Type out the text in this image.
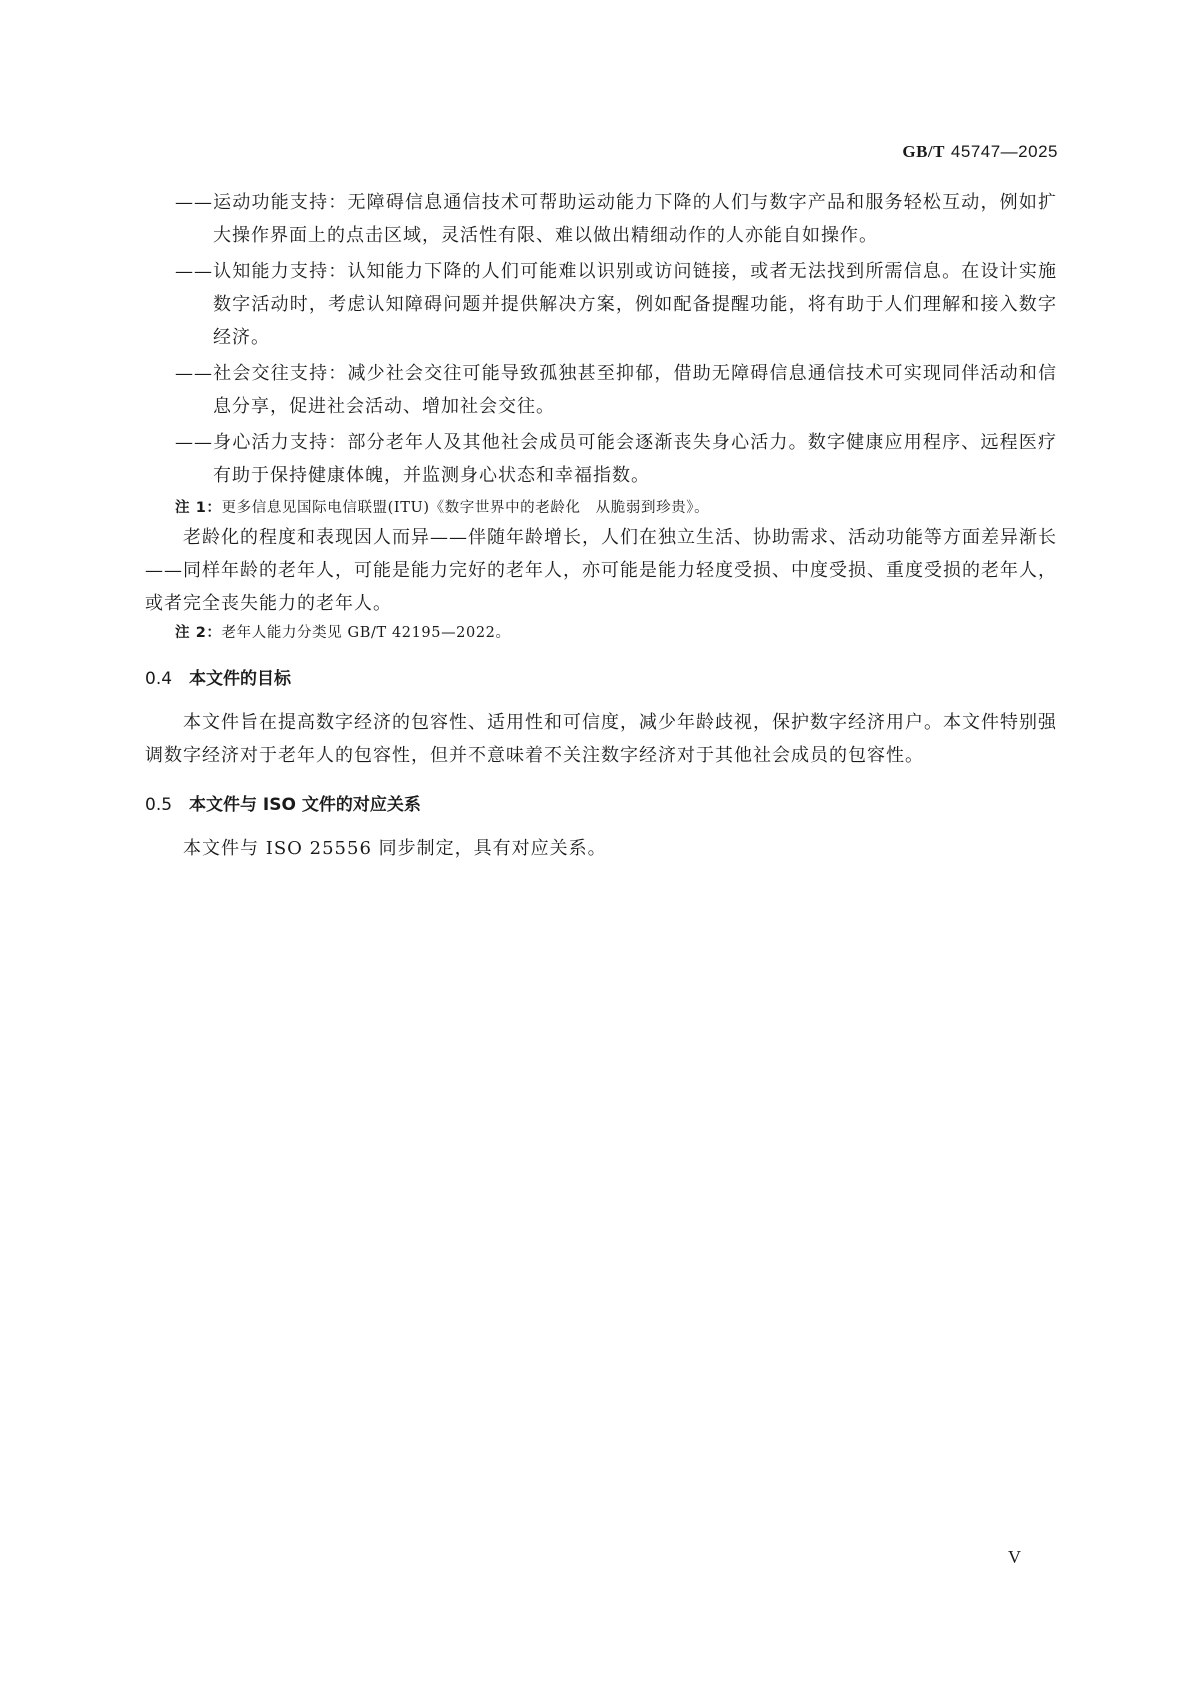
GB/T 45747—2025

——运动功能支持：无障碍信息通信技术可帮助运动能力下降的人们与数字产品和服务轻松互动，例如扩大操作界面上的点击区域，灵活性有限、难以做出精细动作的人亦能自如操作。

——认知能力支持：认知能力下降的人们可能难以识别或访问链接，或者无法找到所需信息。在设计实施数字活动时，考虑认知障碍问题并提供解决方案，例如配备提醒功能，将有助于人们理解和接入数字经济。

——社会交往支持：减少社会交往可能导致孤独甚至抑郁，借助无障碍信息通信技术可实现同伴活动和信息分享，促进社会活动、增加社会交往。

——身心活力支持：部分老年人及其他社会成员可能会逐渐丧失身心活力。数字健康应用程序、远程医疗有助于保持健康体魄，并监测身心状态和幸福指数。

注 1：更多信息见国际电信联盟(ITU)《数字世界中的老龄化　从脆弱到珍贵》。

老龄化的程度和表现因人而异——伴随年龄增长，人们在独立生活、协助需求、活动功能等方面差异渐长——同样年龄的老年人，可能是能力完好的老年人，亦可能是能力轻度受损、中度受损、重度受损的老年人，或者完全丧失能力的老年人。

注 2：老年人能力分类见 GB/T 42195—2022。

0.4 本文件的目标

本文件旨在提高数字经济的包容性、适用性和可信度，减少年龄歧视，保护数字经济用户。本文件特别强调数字经济对于老年人的包容性，但并不意味着不关注数字经济对于其他社会成员的包容性。

0.5 本文件与 ISO 文件的对应关系

本文件与 ISO 25556 同步制定，具有对应关系。

V
